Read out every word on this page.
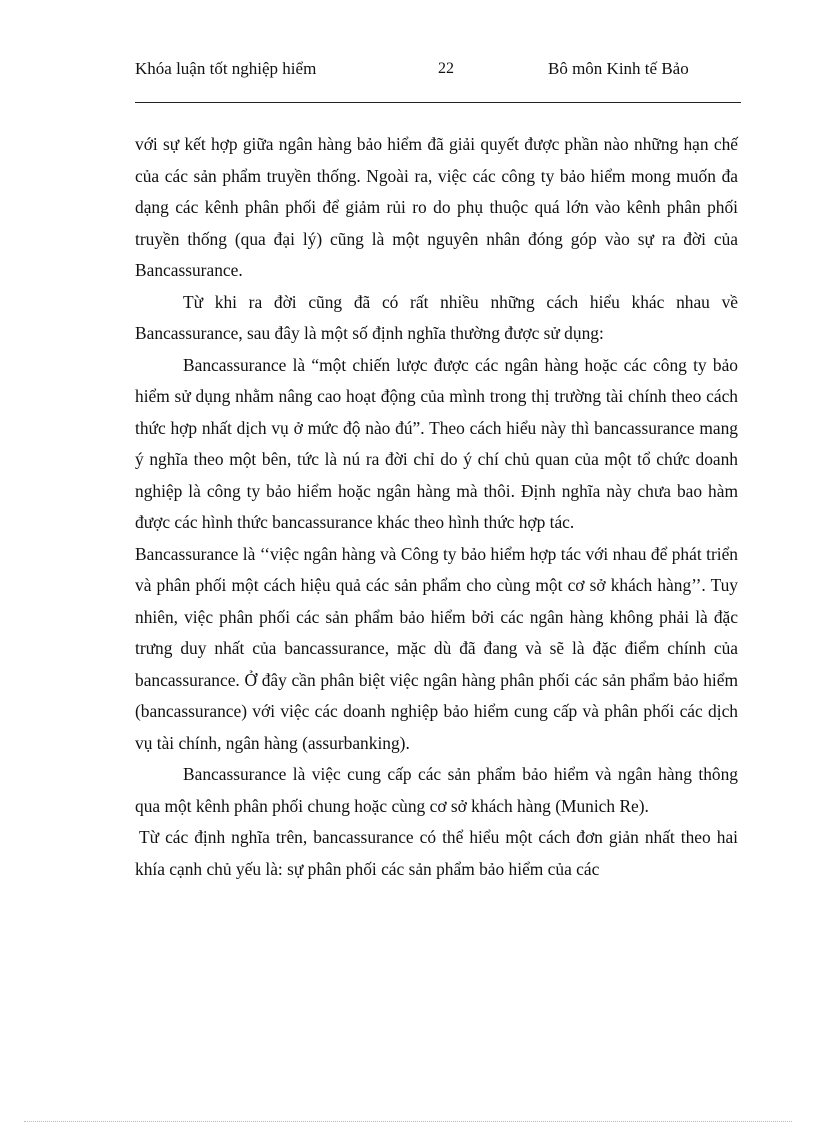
Khóa luận tốt nghiệp hiểm	22	Bô môn Kinh tế Bảo

với sự kết hợp giữa ngân hàng bảo hiểm đã giải quyết được phần nào những hạn chế của các sản phẩm truyền thống. Ngoài ra, việc các công ty bảo hiểm mong muốn đa dạng các kênh phân phối để giảm rủi ro do phụ thuộc quá lớn vào kênh phân phối truyền thống (qua đại lý) cũng là một nguyên nhân đóng góp vào sự ra đời của Bancassurance.

Từ khi ra đời cũng đã có rất nhiều những cách hiểu khác nhau về Bancassurance, sau đây là một số định nghĩa thường được sử dụng:

Bancassurance là “một chiến lược được các ngân hàng hoặc các công ty bảo hiểm sử dụng nhằm nâng cao hoạt động của mình trong thị trường tài chính theo cách thức hợp nhất dịch vụ ở mức độ nào đú”. Theo cách hiểu này thì bancassurance mang ý nghĩa theo một bên, tức là nú ra đời chỉ do ý chí chủ quan của một tổ chức doanh nghiệp là công ty bảo hiểm hoặc ngân hàng mà thôi. Định nghĩa này chưa bao hàm được các hình thức bancassurance khác theo hình thức hợp tác.

Bancassurance là ‘‘việc ngân hàng và Công ty bảo hiểm hợp tác với nhau để phát triển và phân phối một cách hiệu quả các sản phẩm cho cùng một cơ sở khách hàng’’. Tuy nhiên, việc phân phối các sản phẩm bảo hiểm bởi các ngân hàng không phải là đặc trưng duy nhất của bancassurance, mặc dù đã đang và sẽ là đặc điểm chính của bancassurance. Ở đây cần phân biệt việc ngân hàng phân phối các sản phẩm bảo hiểm (bancassurance) với việc các doanh nghiệp bảo hiểm cung cấp và phân phối các dịch vụ tài chính, ngân hàng (assurbanking).

Bancassurance là việc cung cấp các sản phẩm bảo hiểm và ngân hàng thông qua một kênh phân phối chung hoặc cùng cơ sở khách hàng (Munich Re).

Từ các định nghĩa trên, bancassurance có thể hiểu một cách đơn giản nhất theo hai khía cạnh chủ yếu là: sự phân phối các sản phẩm bảo hiểm của các
